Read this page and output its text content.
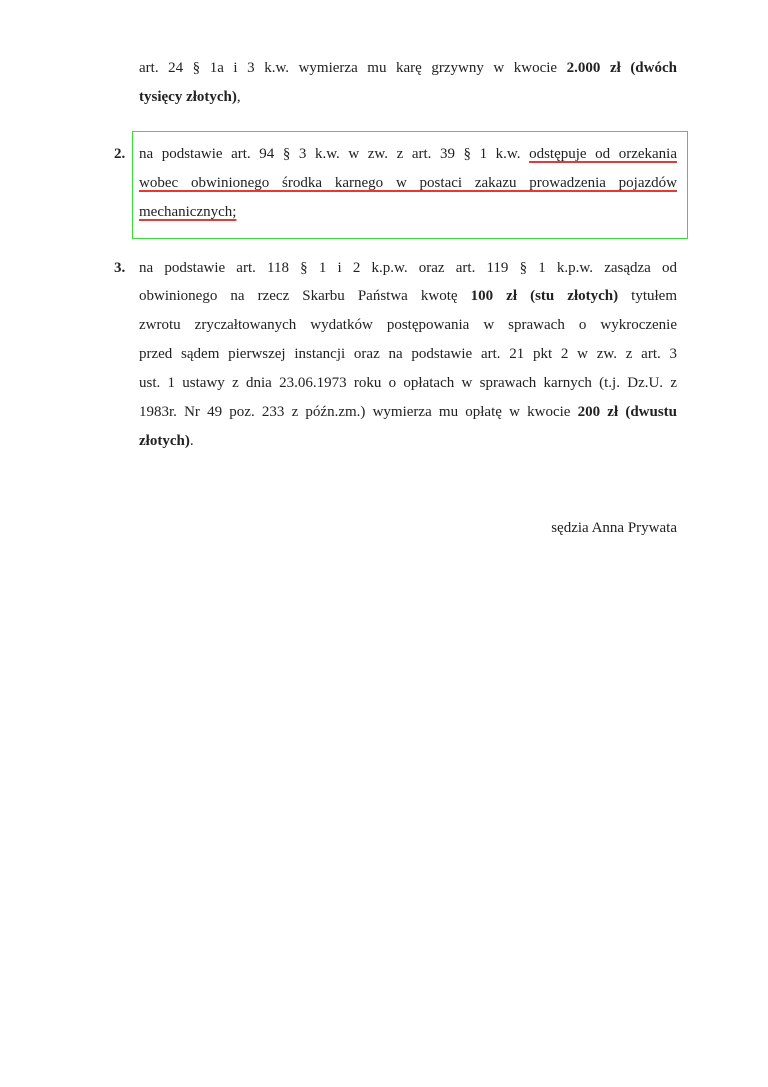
art. 24 § 1a i 3 k.w. wymierza mu karę grzywny w kwocie 2.000 zł (dwóch
tysięcy złotych),
2. na podstawie art. 94 § 3 k.w. w zw. z art. 39 § 1 k.w. odstępuje od orzekania
wobec obwinionego środka karnego w postaci zakazu prowadzenia pojazdów
mechanicznych;
3. na podstawie art. 118 § 1 i 2 k.p.w. oraz art. 119 § 1 k.p.w. zasądza od
obwinionego na rzecz Skarbu Państwa kwotę 100 zł (stu złotych) tytułem
zwrotu zryczałtowanych wydatków postępowania w sprawach o wykroczenie
przed sądem pierwszej instancji oraz na podstawie art. 21 pkt 2 w zw. z art. 3
ust. 1 ustawy z dnia 23.06.1973 roku o opłatach w sprawach karnych (t.j. Dz.U. z
1983r. Nr 49 poz. 233 z późn.zm.) wymierza mu opłatę w kwocie 200 zł (dwustu
złotych).
sędzia Anna Prywata
